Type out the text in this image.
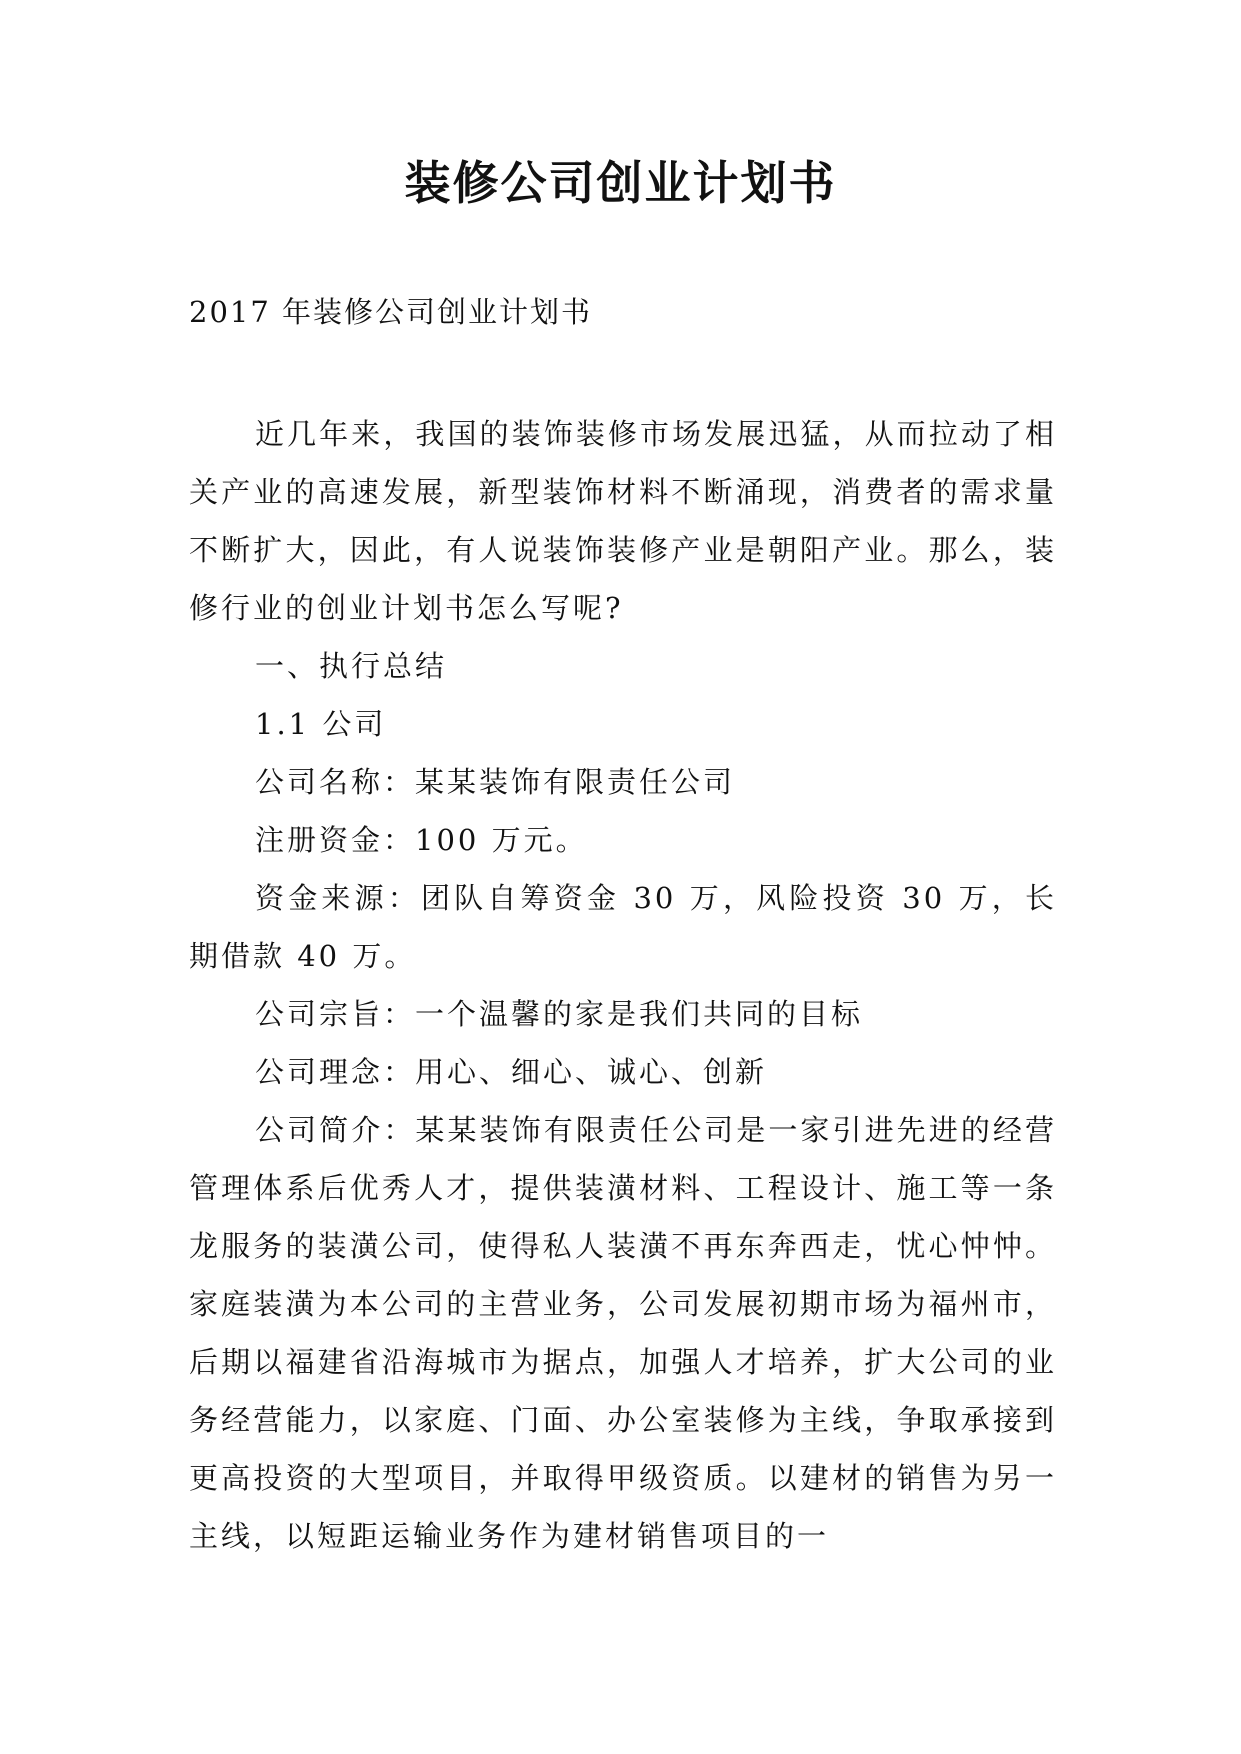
装修公司创业计划书
2017 年装修公司创业计划书

近几年来，我国的装饰装修市场发展迅猛，从而拉动了相关产业的高速发展，新型装饰材料不断涌现，消费者的需求量不断扩大，因此，有人说装饰装修产业是朝阳产业。那么，装修行业的创业计划书怎么写呢?

一、执行总结

1.1 公司

公司名称：某某装饰有限责任公司

注册资金：100 万元。

资金来源：团队自筹资金 30 万，风险投资 30 万，长期借款 40 万。

公司宗旨：一个温馨的家是我们共同的目标

公司理念：用心、细心、诚心、创新

公司简介：某某装饰有限责任公司是一家引进先进的经营管理体系后优秀人才，提供装潢材料、工程设计、施工等一条龙服务的装潢公司，使得私人装潢不再东奔西走，忧心忡忡。家庭装潢为本公司的主营业务，公司发展初期市场为福州市，后期以福建省沿海城市为据点，加强人才培养，扩大公司的业务经营能力，以家庭、门面、办公室装修为主线，争取承接到更高投资的大型项目，并取得甲级资质。以建材的销售为另一主线，以短距运输业务作为建材销售项目的一
